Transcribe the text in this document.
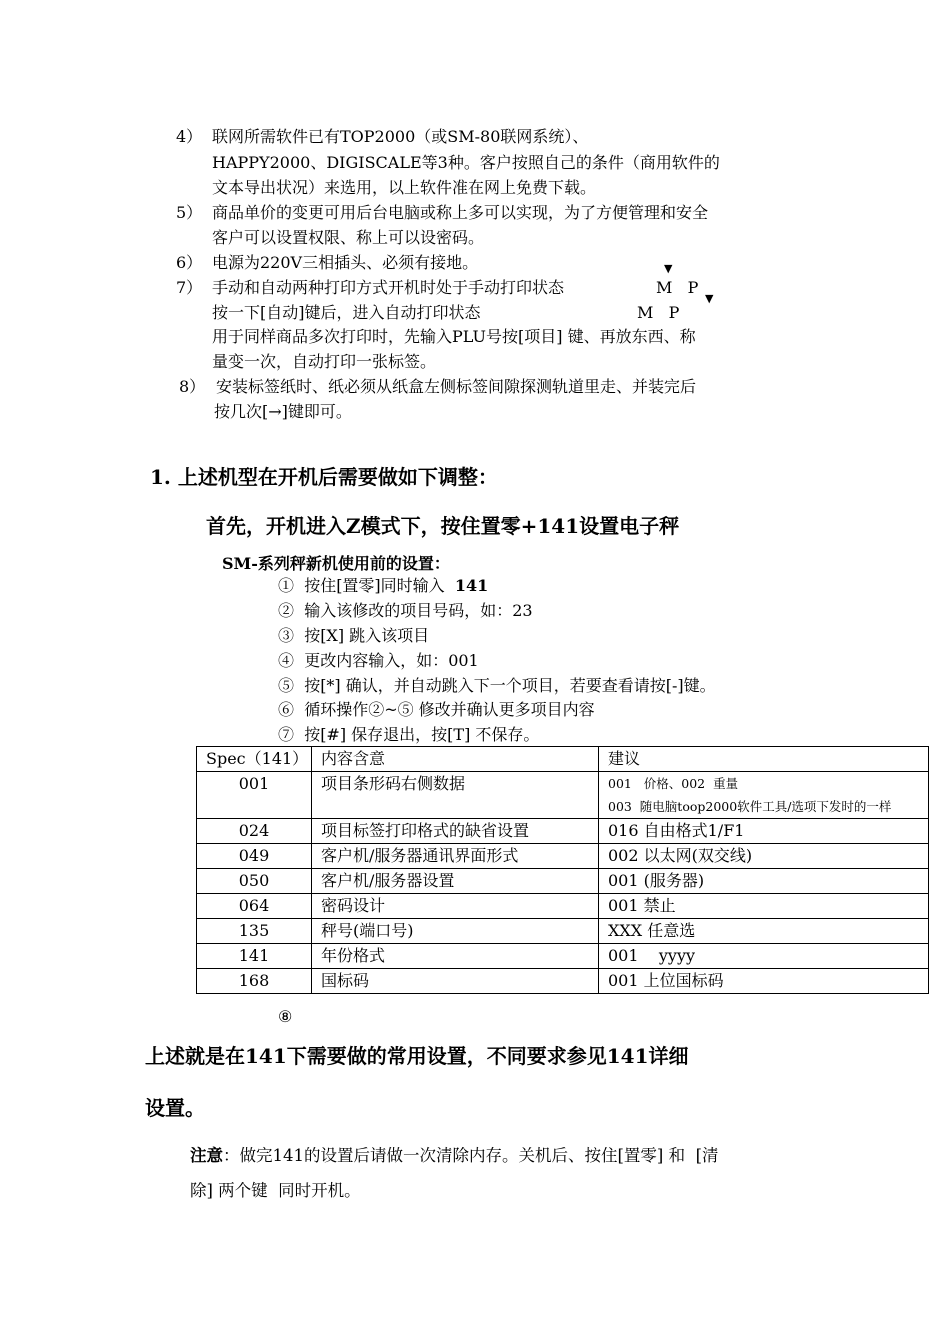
4） 联网所需软件已有TOP2000（或SM-80联网系统）、
HAPPY2000、DIGISCALE等3种。客户按照自己的条件（商用软件的
文本导出状况）来选用，以上软件准在网上免费下载。
5） 商品单价的变更可用后台电脑或称上多可以实现，为了方便管理和安全
客户可以设置权限、称上可以设密码。
6） 电源为220V三相插头、必须有接地。
7） 手动和自动两种打印方式开机时处于手动打印状态	M   P
▼
按一下[自动]键后，进入自动打印状态	M   P
▼
用于同样商品多次打印时，先输入PLU号按[项目] 键、再放东西、称
量变一次，自动打印一张标签。
8） 安装标签纸时、纸必须从纸盒左侧标签间隙探测轨道里走、并装完后
按几次[→]键即可。
1. 上述机型在开机后需要做如下调整：
首先，开机进入Z模式下，按住置零+141设置电子秤
SM-系列秤新机使用前的设置：
① 按住[置零]同时输入  141
② 输入该修改的项目号码，如：23
③ 按[X] 跳入该项目
④ 更改内容输入，如：001
⑤ 按[*] 确认，并自动跳入下一个项目，若要查看请按[-]键。
⑥ 循环操作②~⑤ 修改并确认更多项目内容
⑦ 按[#] 保存退出，按[T] 不保存。
Spec（141）	内容含意	建议
001	项目条形码右侧数据	001   价格、002  重量
003  随电脑toop2000软件工具/选项下发时的一样

024	项目标签打印格式的缺省设置	016 自由格式1/F1
049	客户机/服务器通讯界面形式	002 以太网(双交线)
050	客户机/服务器设置	001 (服务器)
064	密码设计	001 禁止
135	秤号(端口号)	XXX 任意选
141	年份格式	001    yyyy
168	国标码	001 上位国标码
⑧
上述就是在141下需要做的常用设置，不同要求参见141详细
设置。
注意：做完141的设置后请做一次清除内存。关机后、按住[置零] 和  [清
除] 两个键  同时开机。
